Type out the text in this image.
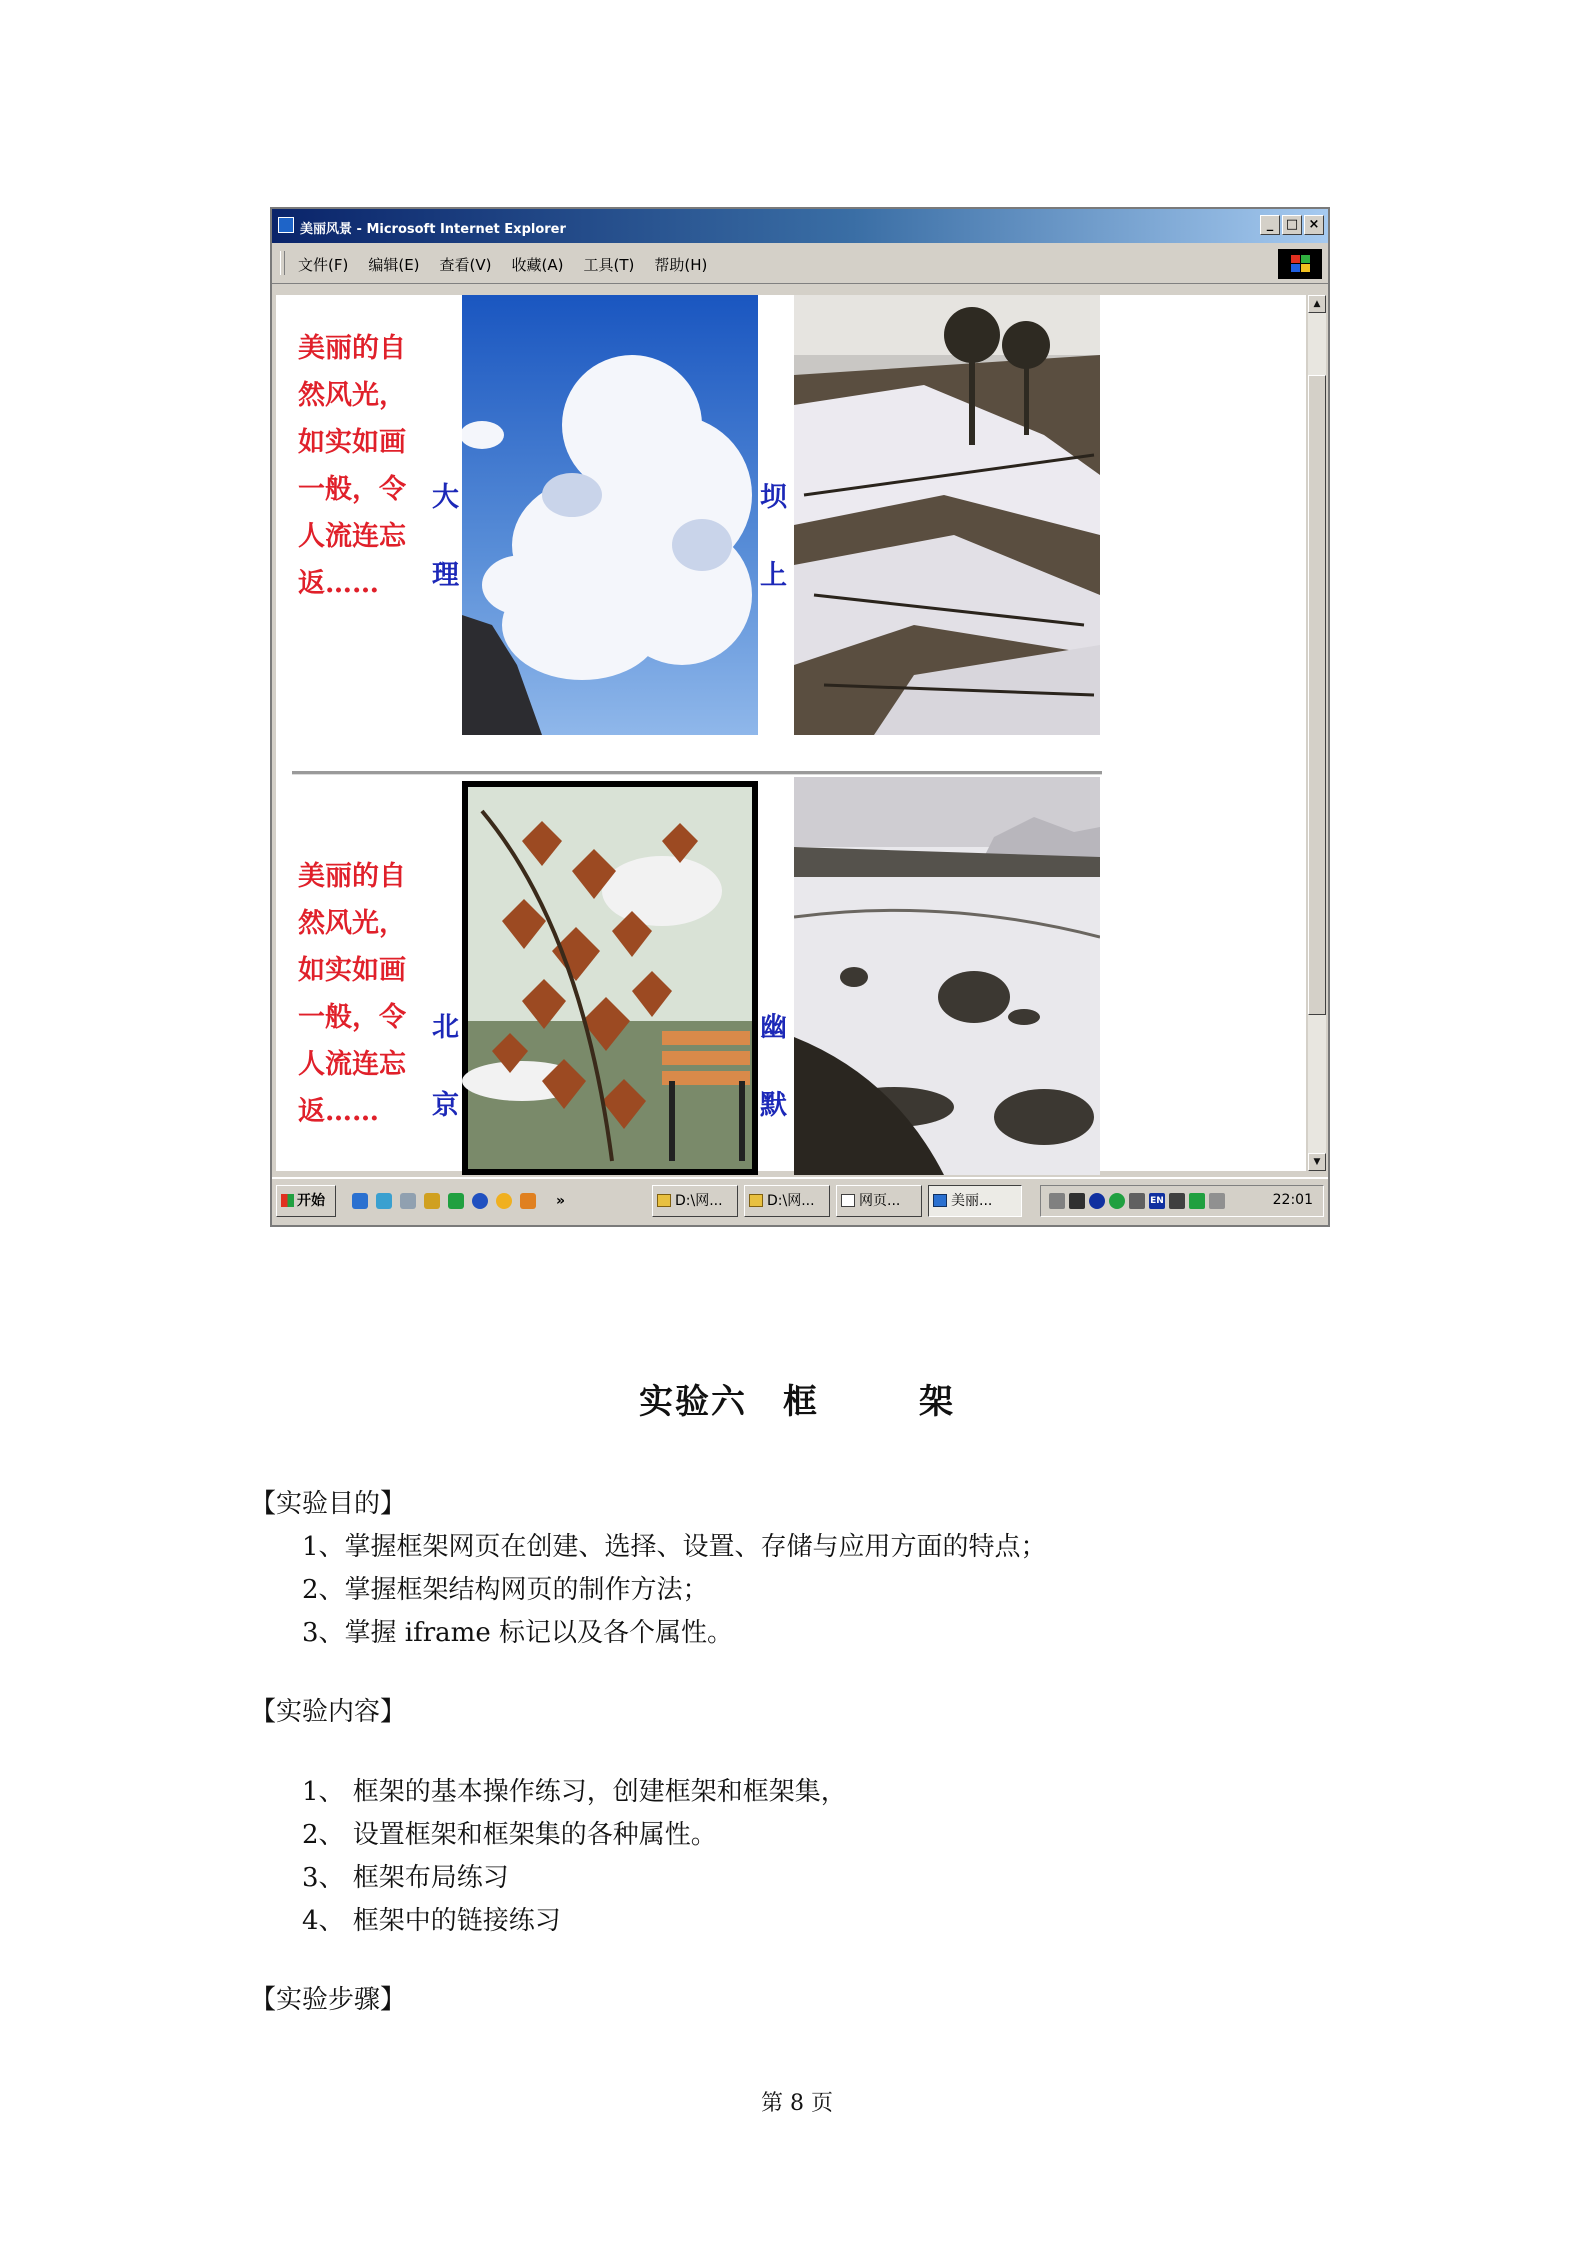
美丽风景 - Microsoft Internet Explorer	_ □ ×
文件(F) 编辑(E) 查看(V) 收藏(A) 工具(T) 帮助(H)
美丽的自
然风光，
如实如画
一般，令
人流连忘
返……
大
理
坝
上
美丽的自
然风光，
如实如画
一般，令
人流连忘
返……
北
京
幽
默
▲
▼
开始	»	D:\网...	D:\网...	网页...	美丽...	EN	22:01
实验六　框	架
【实验目的】
1、掌握框架网页在创建、选择、设置、存储与应用方面的特点；
2、掌握框架结构网页的制作方法；
3、掌握 iframe 标记以及各个属性。
【实验内容】
1、 框架的基本操作练习，创建框架和框架集，
2、 设置框架和框架集的各种属性。
3、 框架布局练习
4、 框架中的链接练习
【实验步骤】
第 8 页
